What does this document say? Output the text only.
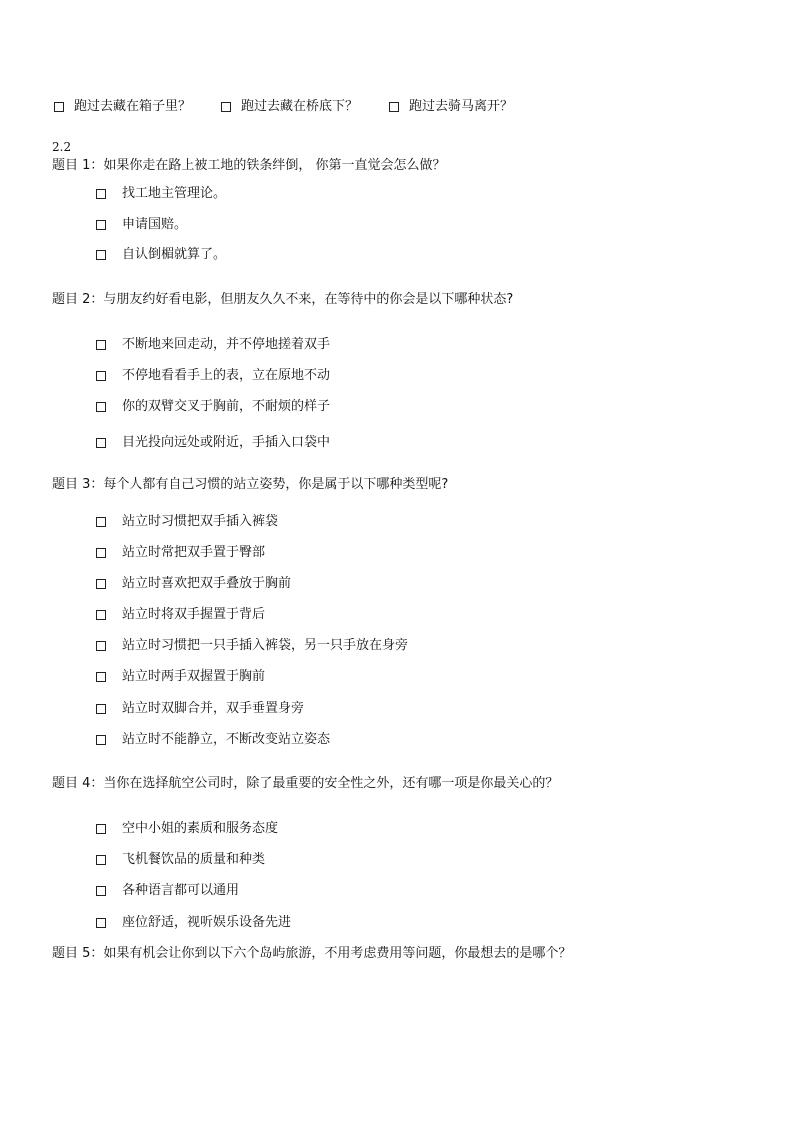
跑过去藏在箱子里？	跑过去藏在桥底下？	跑过去骑马离开？
2.2
题目 1：如果你走在路上被工地的铁条绊倒， 你第一直觉会怎么做？
找工地主管理论。
申请国赔。
自认倒楣就算了。
题目 2：与朋友约好看电影，但朋友久久不来，在等待中的你会是以下哪种状态?
不断地来回走动，并不停地搓着双手
不停地看看手上的表，立在原地不动
你的双臂交叉于胸前，不耐烦的样子
目光投向远处或附近，手插入口袋中
题目 3：每个人都有自己习惯的站立姿势，你是属于以下哪种类型呢?
站立时习惯把双手插入裤袋
站立时常把双手置于臀部
站立时喜欢把双手叠放于胸前
站立时将双手握置于背后
站立时习惯把一只手插入裤袋，另一只手放在身旁
站立时两手双握置于胸前
站立时双脚合并，双手垂置身旁
站立时不能静立，不断改变站立姿态
题目 4：当你在选择航空公司时，除了最重要的安全性之外，还有哪一项是你最关心的？
空中小姐的素质和服务态度
飞机餐饮品的质量和种类
各种语言都可以通用
座位舒适，视听娱乐设备先进
题目 5：如果有机会让你到以下六个岛屿旅游，不用考虑费用等问题，你最想去的是哪个？
